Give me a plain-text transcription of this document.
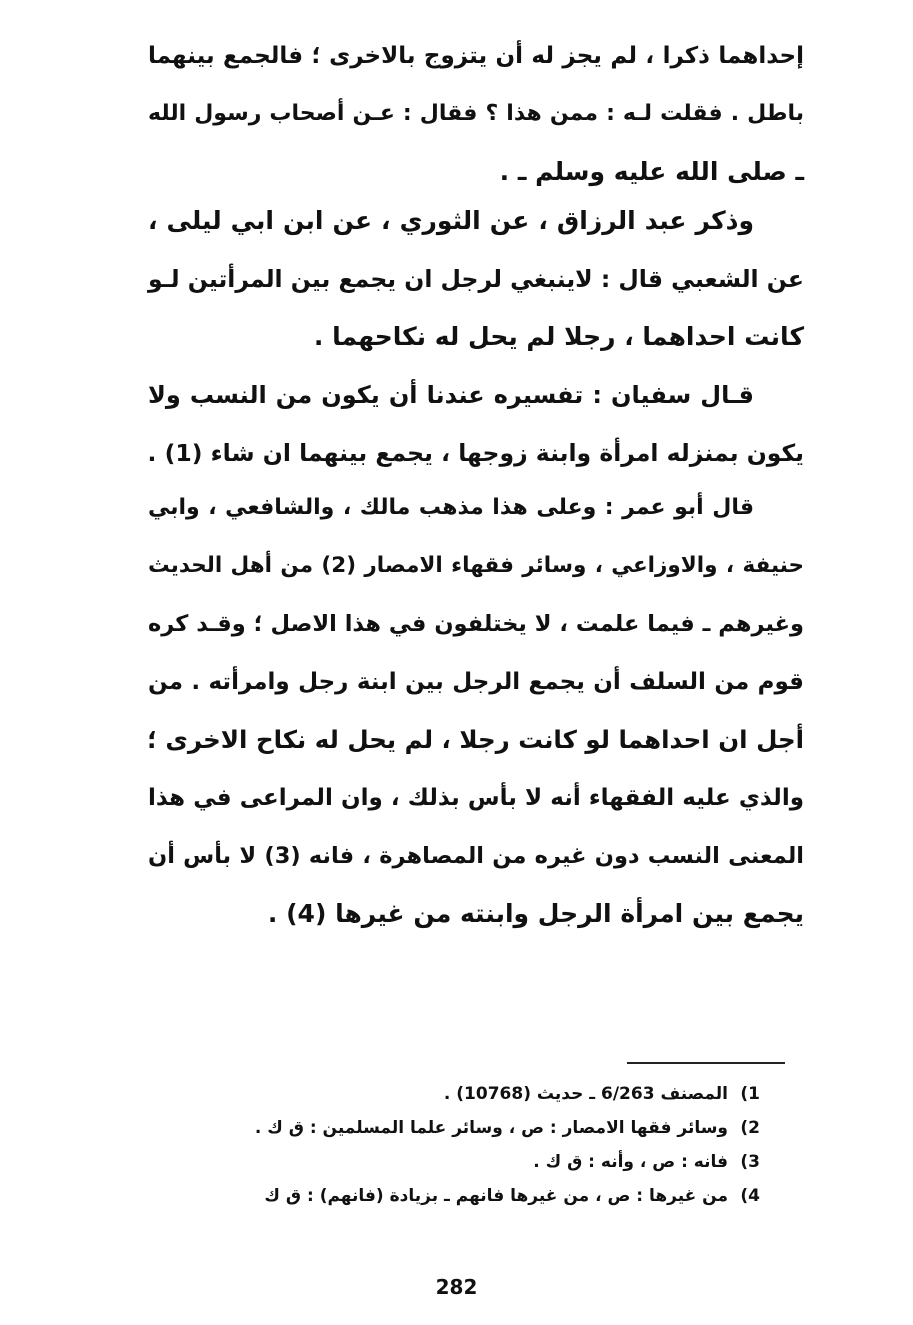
إحداهما ذكرا ، لم يجز له أن يتزوج بالاخرى ؛ فالجمع بينهما
باطل . فقلت لـه : ممن هذا ؟ فقال : عـن أصحاب رسول الله
ـ صلى الله عليه وسلم ـ .
وذكر عبد الرزاق ، عن الثوري ، عن ابن ابي ليلى ،
عن الشعبي قال : لاينبغي لرجل ان يجمع بين المرأتين لـو
كانت احداهما ، رجلا لم يحل له نكاحهما .
قـال سفيان : تفسيره عندنا أن يكون من النسب ولا
يكون بمنزله امرأة وابنة زوجها ، يجمع بينهما ان شاء (1) .
قال أبو عمر : وعلى هذا مذهب مالك ، والشافعي ، وابي
حنيفة ، والاوزاعي ، وسائر فقهاء الامصار (2) من أهل الحديث
وغيرهم ـ فيما علمت ، لا يختلفون في هذا الاصل ؛ وقـد كره
قوم من السلف أن يجمع الرجل بين ابنة رجل وامرأته . من
أجل ان احداهما لو كانت رجلا ، لم يحل له نكاح الاخرى ؛
والذي عليه الفقهاء أنه لا بأس بذلك ، وان المراعى في هذا
المعنى النسب دون غيره من المصاهرة ، فانه (3) لا بأس أن
يجمع بين امرأة الرجل وابنته من غيرها (4) .
1)المصنف 6/263 ـ حديث (10768) .
2)وسائر فقها الامصار : ص ، وسائر علما المسلمين : ق ك .
3)فانه : ص ، وأنه : ق ك .
4)من غيرها : ص ، من غيرها فانهم ـ بزيادة (فانهم) : ق ك
282
